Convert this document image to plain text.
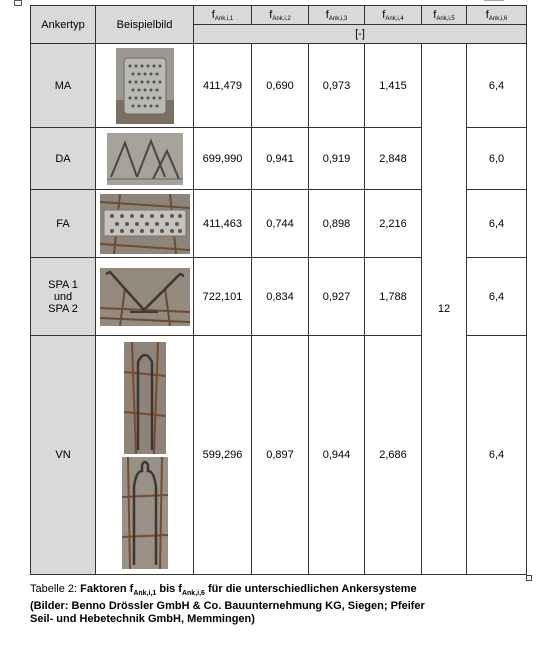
Ankertyp	Beispielbild	$f_{Ank,i,1}$	$f_{Ank,i,2}$	$f_{Ank,i,3}$	$f_{Ank,i,4}$	$f_{Ank,i,5}$	$f_{Ank,i,6}$
		[-]					
MA		411,479	0,690	0,973	1,415	12	6,4
DA		699,990	0,941	0,919	2,848		6,0
FA		411,463	0,744	0,898	2,216		6,4

SPA 1
und
SPA 2		722,101	0,834	0,927	1,788		6,4
VN		599,296	0,897	0,944	2,686		6,4
Tabelle 2: Faktoren $f_{Ank,i,1}$ bis $f_{Ank,i,6}$ für die unterschiedlichen Ankersysteme
(Bilder: Benno Drössler GmbH & Co. Bauunternehmung KG, Siegen; Pfeifer
Seil- und Hebetechnik GmbH, Memmingen)
